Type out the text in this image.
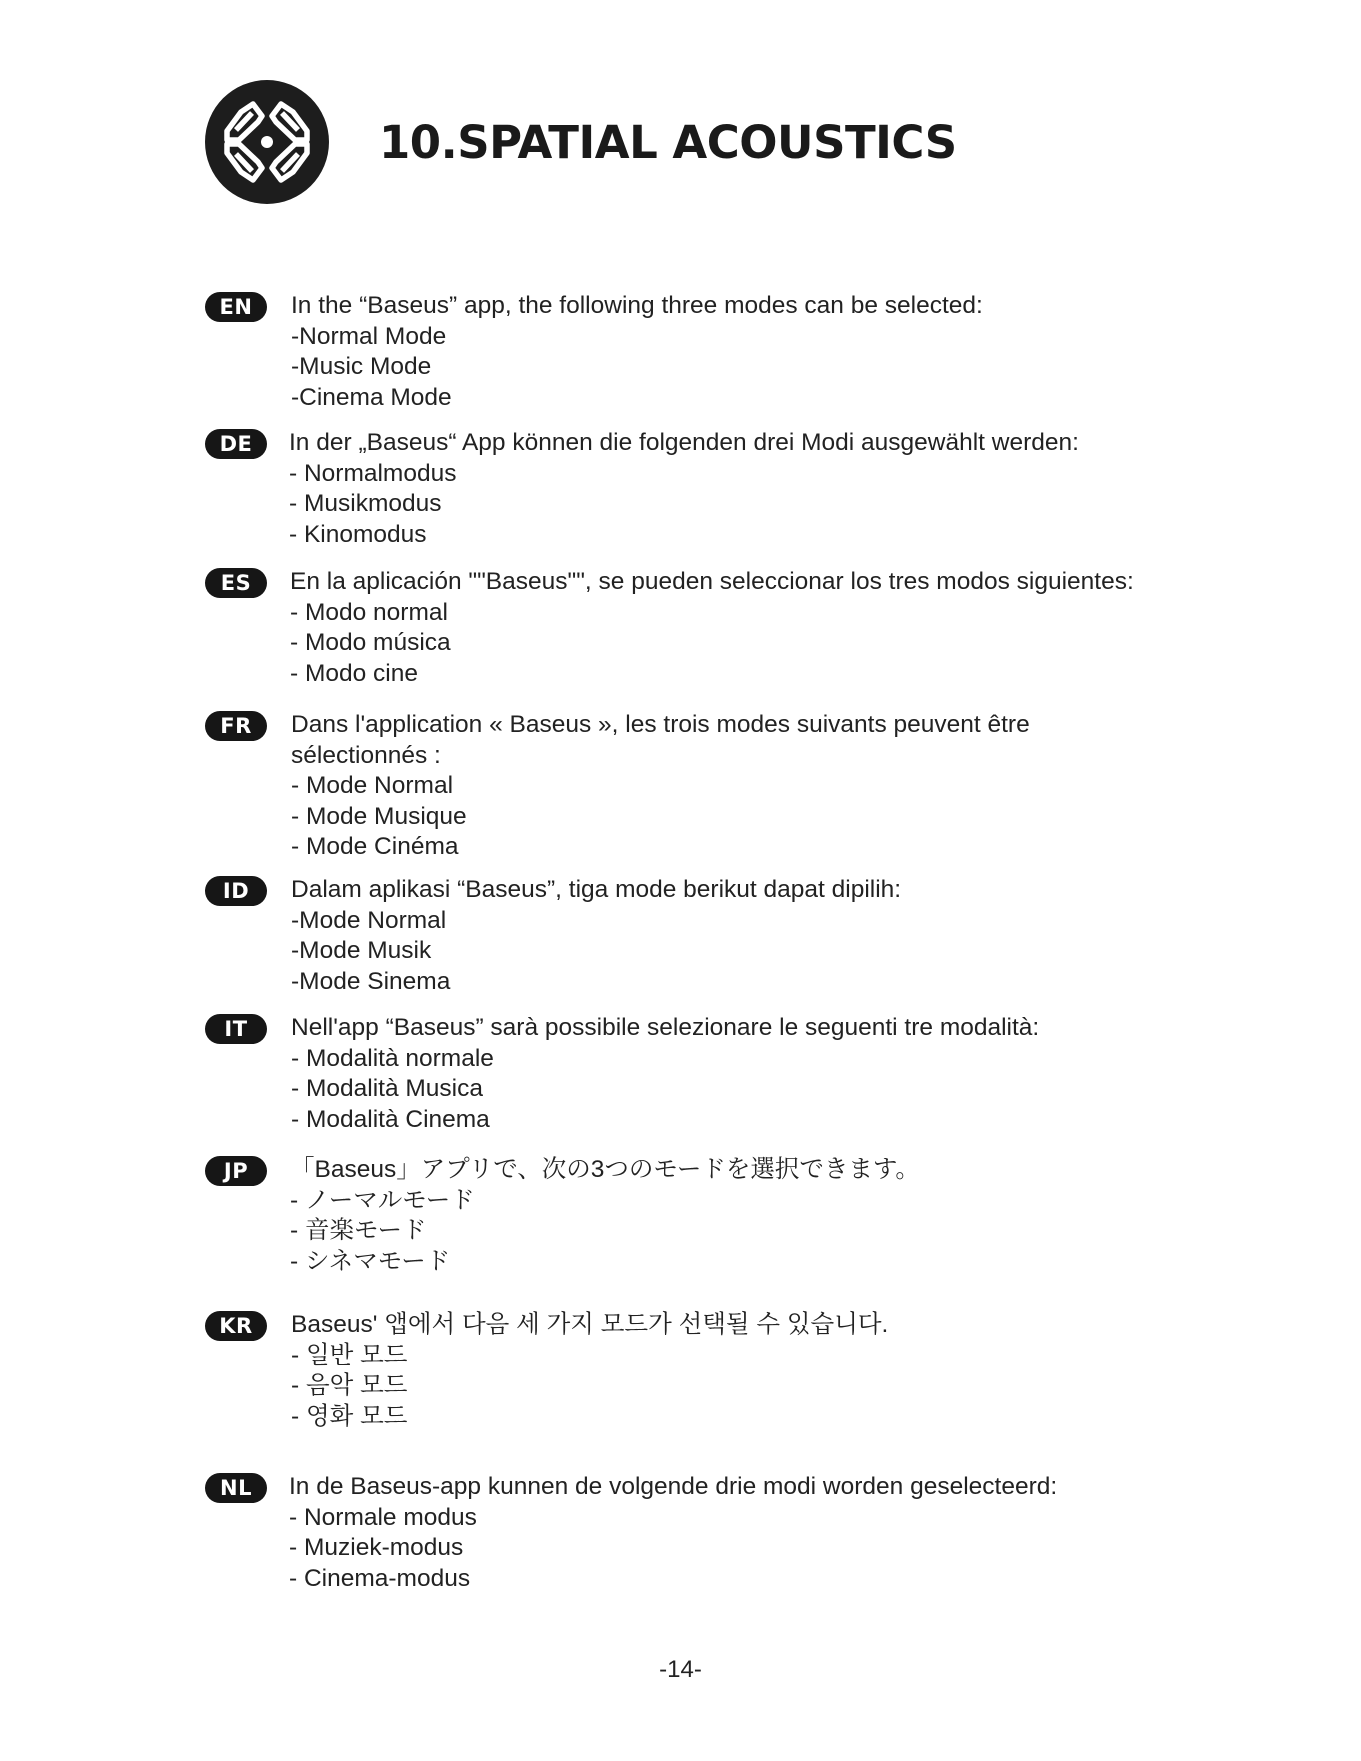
10.SPATIAL ACOUSTICS
EN	In the “Baseus” app, the following three modes can be selected:
-Normal Mode
-Music Mode
-Cinema Mode
DE	In der „Baseus“ App können die folgenden drei Modi ausgewählt werden:
- Normalmodus
- Musikmodus
- Kinomodus
ES	En la aplicación ""Baseus"", se pueden seleccionar los tres modos siguientes:
- Modo normal
- Modo música
- Modo cine
FR	Dans l'application « Baseus », les trois modes suivants peuvent être sélectionnés :
- Mode Normal
- Mode Musique
- Mode Cinéma
ID	Dalam aplikasi “Baseus”, tiga mode berikut dapat dipilih:
-Mode Normal
-Mode Musik
-Mode Sinema
IT	Nell'app “Baseus” sarà possibile selezionare le seguenti tre modalità:
- Modalità normale
- Modalità Musica
- Modalità Cinema
JP	「Baseus」アプリで、次の3つのモードを選択できます。
- ノーマルモード
- 音楽モード
- シネマモード
KR	Baseus' 앱에서 다음 세 가지 모드가 선택될 수 있습니다.
- 일반 모드
- 음악 모드
- 영화 모드
NL	In de Baseus-app kunnen de volgende drie modi worden geselecteerd:
- Normale modus
- Muziek-modus
- Cinema-modus
-14-
